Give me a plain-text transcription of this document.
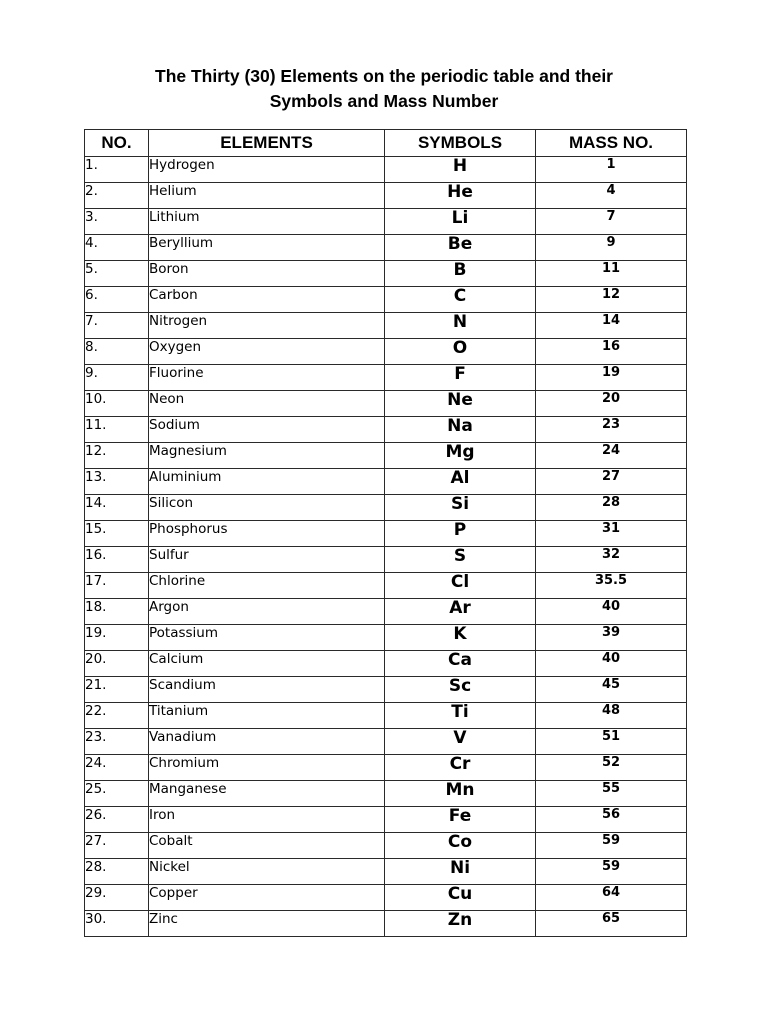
The Thirty (30) Elements on the periodic table and their
Symbols and Mass Number
NO.	ELEMENTS	SYMBOLS	MASS NO.
1.	Hydrogen	H	1
2.	Helium	He	4
3.	Lithium	Li	7
4.	Beryllium	Be	9
5.	Boron	B	11
6.	Carbon	C	12
7.	Nitrogen	N	14
8.	Oxygen	O	16
9.	Fluorine	F	19
10.	Neon	Ne	20
11.	Sodium	Na	23
12.	Magnesium	Mg	24
13.	Aluminium	Al	27
14.	Silicon	Si	28
15.	Phosphorus	P	31
16.	Sulfur	S	32
17.	Chlorine	Cl	35.5
18.	Argon	Ar	40
19.	Potassium	K	39
20.	Calcium	Ca	40
21.	Scandium	Sc	45
22.	Titanium	Ti	48
23.	Vanadium	V	51
24.	Chromium	Cr	52
25.	Manganese	Mn	55
26.	Iron	Fe	56
27.	Cobalt	Co	59
28.	Nickel	Ni	59
29.	Copper	Cu	64
30.	Zinc	Zn	65
